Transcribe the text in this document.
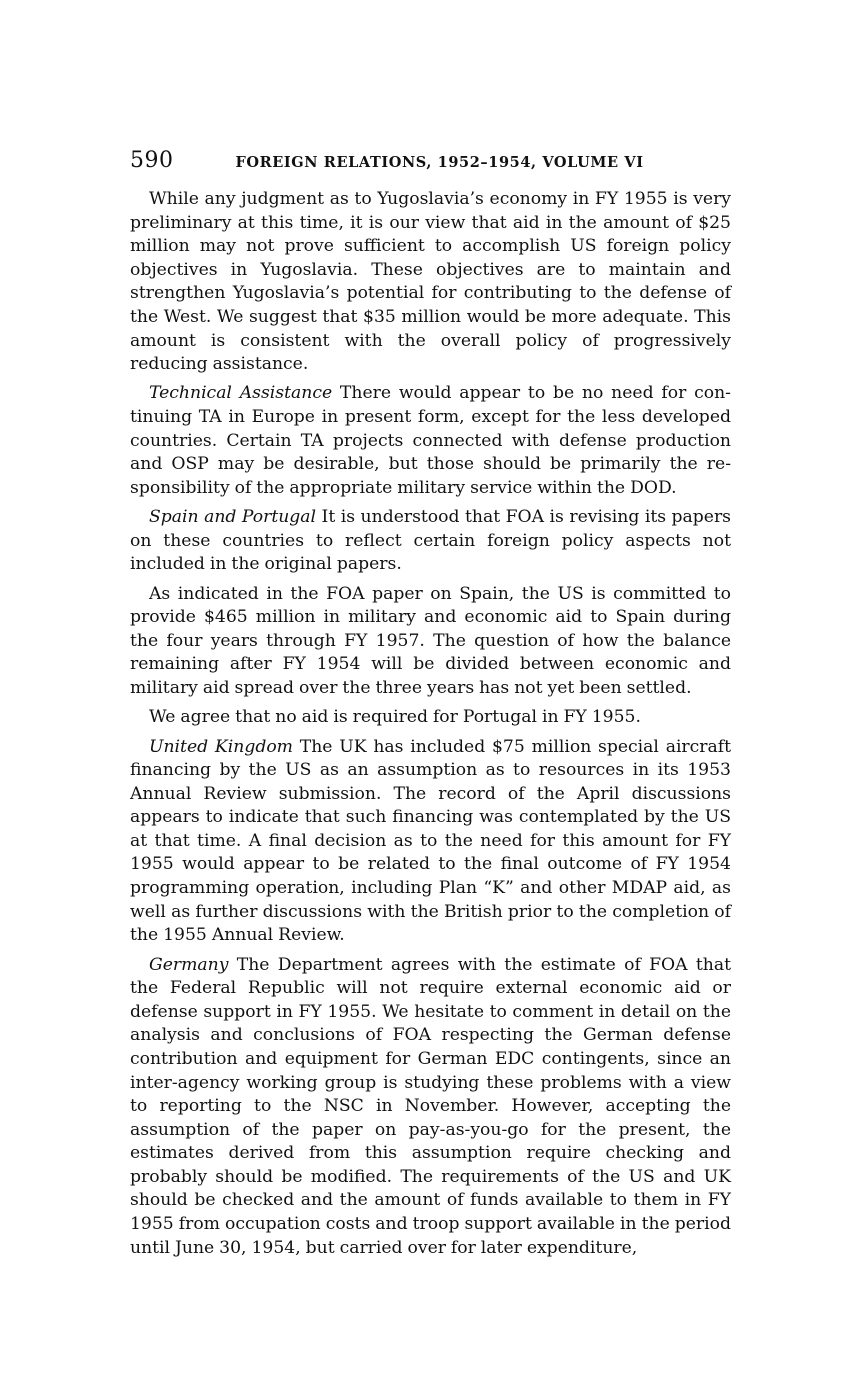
590	FOREIGN RELATIONS, 1952–1954, VOLUME VI

While any judgment as to Yugoslavia’s economy in FY 1955 is very preliminary at this time, it is our view that aid in the amount of $25 million may not prove sufficient to accomplish US foreign policy objectives in Yugoslavia. These objectives are to maintain and strengthen Yugoslavia’s potential for contributing to the defense of the West. We suggest that $35 million would be more adequate. This amount is consistent with the overall policy of progressively reducing assistance.

Technical Assistance There would appear to be no need for continuing TA in Europe in present form, except for the less developed countries. Certain TA projects connected with defense production and OSP may be desirable, but those should be primarily the responsibility of the appropriate military service within the DOD.

Spain and Portugal It is understood that FOA is revising its papers on these countries to reflect certain foreign policy aspects not included in the original papers.

As indicated in the FOA paper on Spain, the US is committed to provide $465 million in military and economic aid to Spain during the four years through FY 1957. The question of how the balance remaining after FY 1954 will be divided between economic and military aid spread over the three years has not yet been settled.

We agree that no aid is required for Portugal in FY 1955.

United Kingdom The UK has included $75 million special aircraft financing by the US as an assumption as to resources in its 1953 Annual Review submission. The record of the April discussions appears to indicate that such financing was contemplated by the US at that time. A final decision as to the need for this amount for FY 1955 would appear to be related to the final outcome of FY 1954 programming operation, including Plan “K” and other MDAP aid, as well as further discussions with the British prior to the completion of the 1955 Annual Review.

Germany The Department agrees with the estimate of FOA that the Federal Republic will not require external economic aid or defense support in FY 1955. We hesitate to comment in detail on the analysis and conclusions of FOA respecting the German defense contribution and equipment for German EDC contingents, since an inter-agency working group is studying these problems with a view to reporting to the NSC in November. However, accepting the assumption of the paper on pay-as-you-go for the present, the estimates derived from this assumption require checking and probably should be modified. The requirements of the US and UK should be checked and the amount of funds available to them in FY 1955 from occupation costs and troop support available in the period until June 30, 1954, but carried over for later expenditure,
